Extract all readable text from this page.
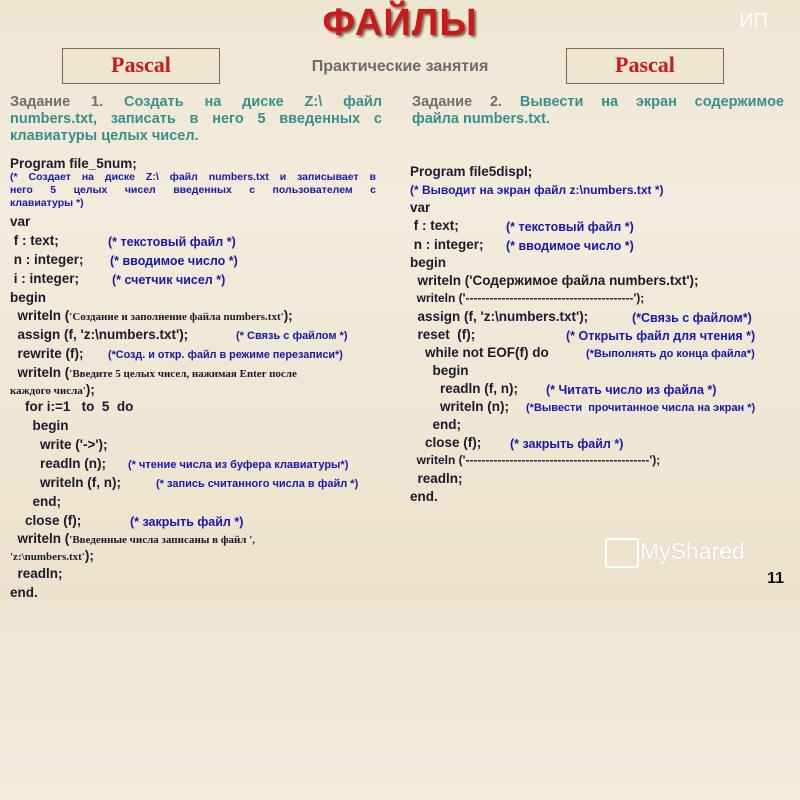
ФАЙЛЫ	ИП
Pascal	Pascal
Практические занятия
Задание 1. Создать на диске Z:\ файл
numbers.txt, записать в него 5 введенных с
клавиатуры целых чисел.
Задание 2. Вывести на экран содержимое
файла numbers.txt.

Program file_5num;

(* Создает на диске Z:\ файл numbers.txt и записывает в

него 5 целых чисел введенных с пользователем с

клавиатуры *)

var

f : text;

	(* текстовый файл *)

n : integer;

(* вводимое число *)

i : integer;

	(* счетчик чисел *)

begin

writeln ('Создание и заполнение файла numbers.txt');

assign (f, 'z:\numbers.txt');

	(* Связь с файлом *)

rewrite (f);

(*Созд. и откр. файл в режиме перезаписи*)

writeln ('Введите 5 целых чисел, нажимая Enter после

каждого числа');

for i:=1   to  5  do

begin

write ('->');

readln (n);

(* чтение числа из буфера клавиатуры*)

writeln (f, n);

	(* запись считанного числа в файл *)

end;

close (f);

	(* закрыть файл *)

writeln ('Введенные числа записаны в файл ',

'z:\numbers.txt');

readln;

end.

Program file5displ;

(* Выводит на экран файл z:\numbers.txt *)

var

f : text;

	(* текстовый файл *)

n : integer;

(* вводимое число *)

begin

writeln ('Содержимое файла numbers.txt');

writeln ('------------------------------------------');

assign (f, 'z:\numbers.txt');

	(*Связь с файлом*)

reset  (f);

	(* Открыть файл для чтения *)

while not EOF(f) do

	(*Выполнять до конца файла*)

begin

readln (f, n);

(* Читать число из файла *)

writeln (n);

(*Вывести  прочитанное числа на экран *)

end;

close (f);

(* закрыть файл *)

writeln ('----------------------------------------------');

readln;

end.

MyShared
11
